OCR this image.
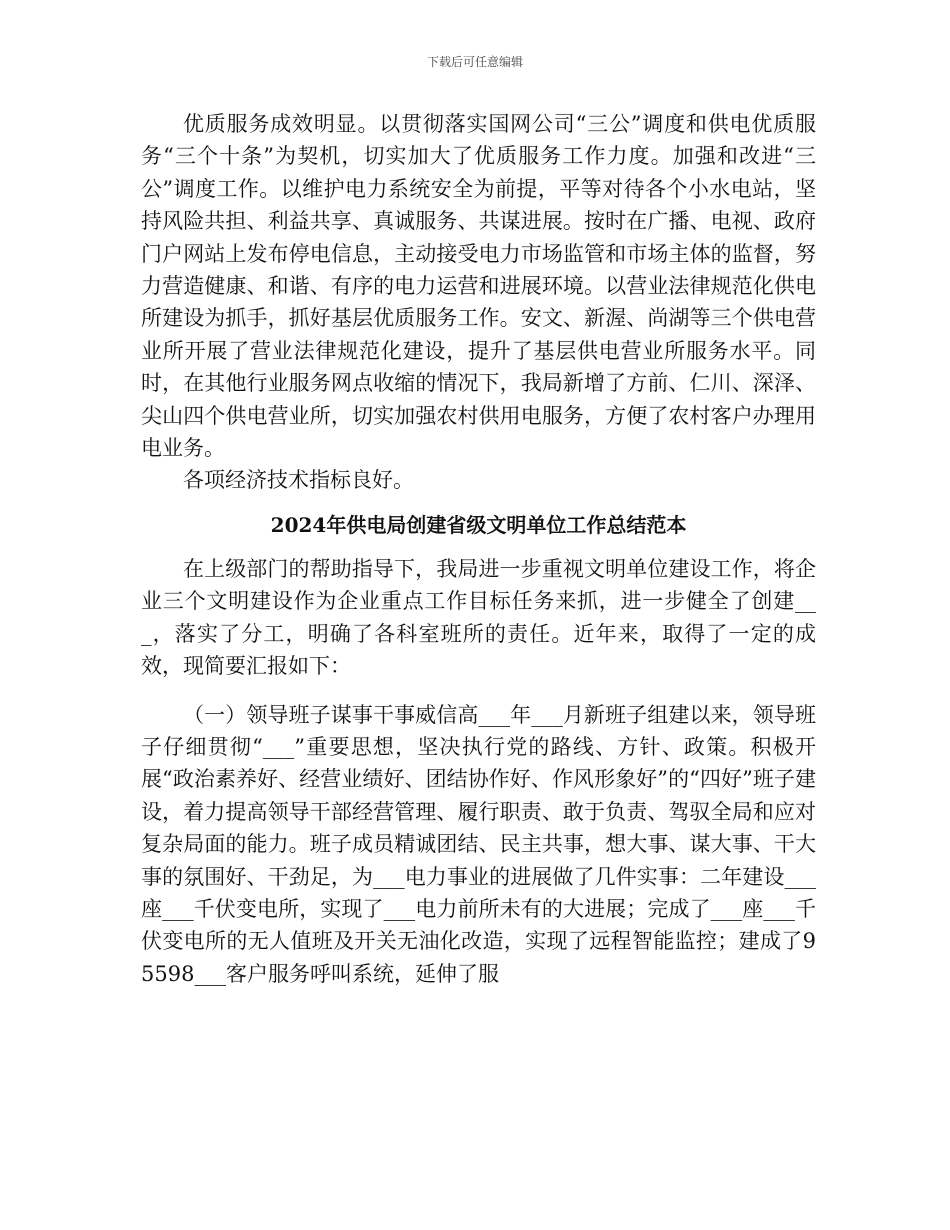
下载后可任意编辑

优质服务成效明显。以贯彻落实国网公司“三公”调度和供电优质服务“三个十条”为契机，切实加大了优质服务工作力度。加强和改进“三公”调度工作。以维护电力系统安全为前提，平等对待各个小水电站，坚持风险共担、利益共享、真诚服务、共谋进展。按时在广播、电视、政府门户网站上发布停电信息，主动接受电力市场监管和市场主体的监督，努力营造健康、和谐、有序的电力运营和进展环境。以营业法律规范化供电所建设为抓手，抓好基层优质服务工作。安文、新渥、尚湖等三个供电营业所开展了营业法律规范化建设，提升了基层供电营业所服务水平。同时，在其他行业服务网点收缩的情况下，我局新增了方前、仁川、深泽、尖山四个供电营业所，切实加强农村供用电服务，方便了农村客户办理用电业务。

各项经济技术指标良好。

2024年供电局创建省级文明单位工作总结范本

在上级部门的帮助指导下，我局进一步重视文明单位建设工作，将企业三个文明建设作为企业重点工作目标任务来抓，进一步健全了创建___，落实了分工，明确了各科室班所的责任。近年来，取得了一定的成效，现简要汇报如下：

（一）领导班子谋事干事威信高___年___月新班子组建以来，领导班子仔细贯彻“___”重要思想，坚决执行党的路线、方针、政策。积极开展“政治素养好、经营业绩好、团结协作好、作风形象好”的“四好”班子建设，着力提高领导干部经营管理、履行职责、敢于负责、驾驭全局和应对复杂局面的能力。班子成员精诚团结、民主共事，想大事、谋大事、干大事的氛围好、干劲足，为___电力事业的进展做了几件实事：二年建设___座___千伏变电所，实现了___电力前所未有的大进展；完成了___座___千伏变电所的无人值班及开关无油化改造，实现了远程智能监控；建成了95598___客户服务呼叫系统，延伸了服
